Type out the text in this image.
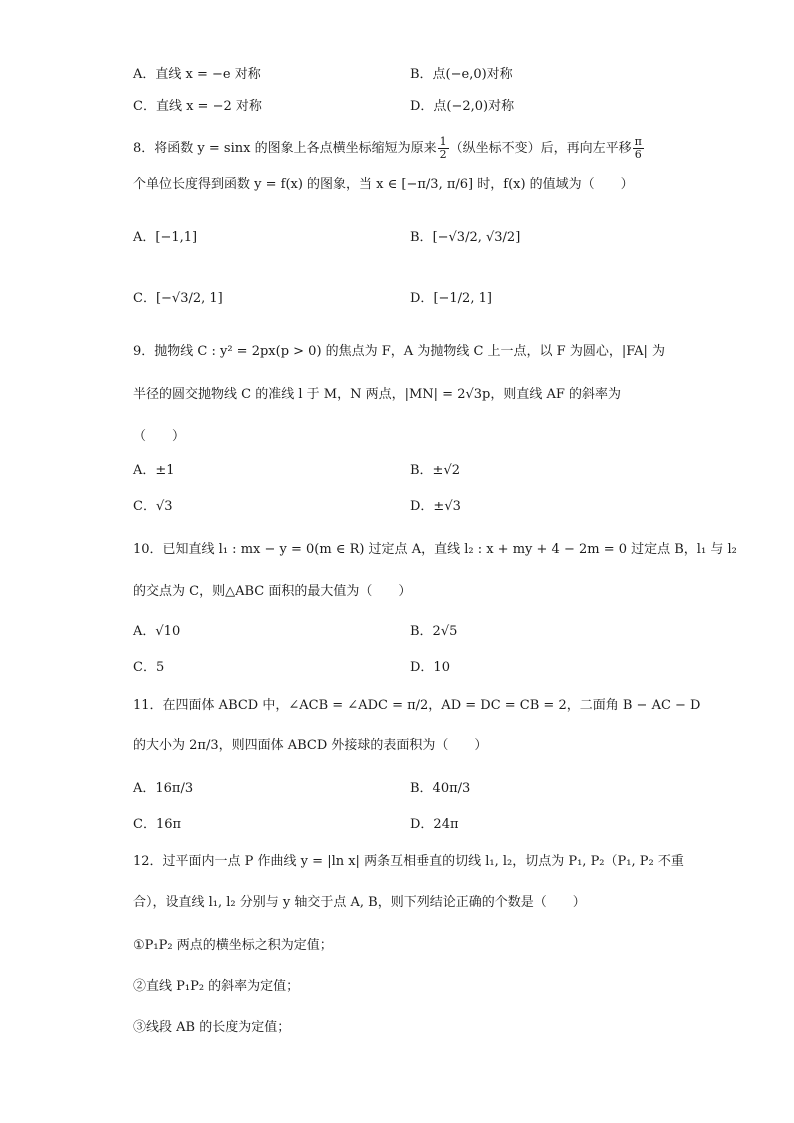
A．直线 x = −e 对称	B．点(−e,0)对称
C．直线 x = −2 对称	D．点(−2,0)对称
8．将函数 y = sinx 的图象上各点横坐标缩短为原来 $\frac{1}{2}$ （纵坐标不变）后，再向左平移 $\frac{\pi}{6}$
个单位长度得到函数 y = f(x) 的图象，当 x ∈ [−π/3, π/6] 时，f(x) 的值域为（　　）
A．[−1,1]	B．[−√3/2, √3/2]
C．[−√3/2, 1]	D．[−1/2, 1]
9．抛物线 C : y² = 2px(p > 0) 的焦点为 F，A 为抛物线 C 上一点，以 F 为圆心，|FA| 为
半径的圆交抛物线 C 的准线 l 于 M，N 两点，|MN| = 2√3p，则直线 AF 的斜率为
（　　）
A．±1	B．±√2
C．√3	D．±√3
10．已知直线 l₁ : mx − y = 0(m ∈ R) 过定点 A，直线 l₂ : x + my + 4 − 2m = 0 过定点 B，l₁ 与 l₂
的交点为 C，则△ABC 面积的最大值为（　　）
A．√10	B．2√5
C．5	D．10
11．在四面体 ABCD 中，∠ACB = ∠ADC = π/2，AD = DC = CB = 2，二面角 B − AC − D
的大小为 2π/3，则四面体 ABCD 外接球的表面积为（　　）
A．16π/3	B．40π/3
C．16π	D．24π
12．过平面内一点 P 作曲线 y = |ln x| 两条互相垂直的切线 l₁, l₂，切点为 P₁, P₂（P₁, P₂ 不重
合），设直线 l₁, l₂ 分别与 y 轴交于点 A, B，则下列结论正确的个数是（　　）
①P₁P₂ 两点的横坐标之积为定值；
②直线 P₁P₂ 的斜率为定值；
③线段 AB 的长度为定值；
